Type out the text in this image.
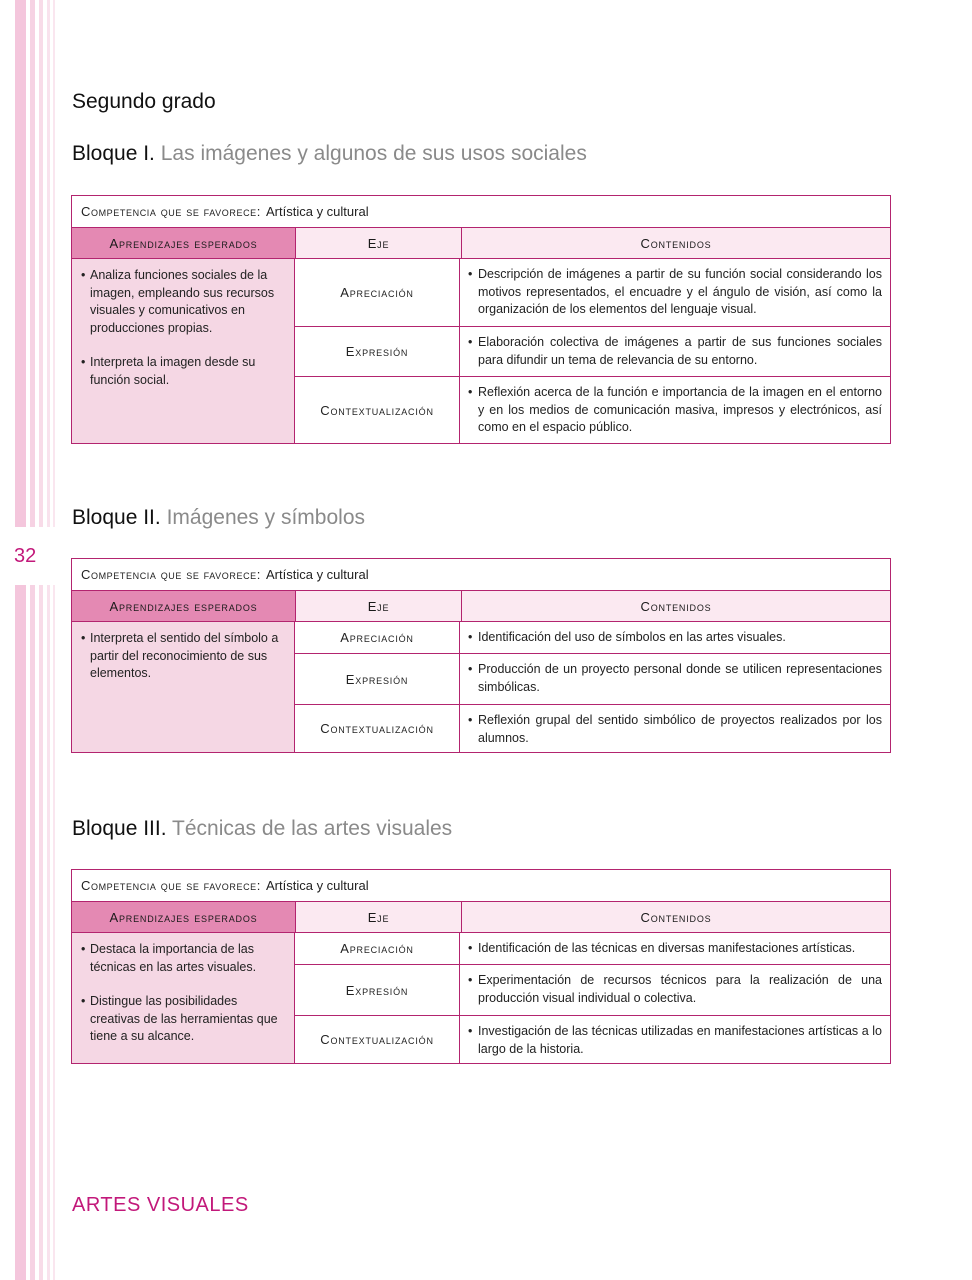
32
Segundo grado
Bloque I. Las imágenes y algunos de sus usos sociales
Competencia que se favorece: Artística y cultural
Aprendizajes esperados	Eje	Contenidos
• Analiza funciones sociales de la imagen, empleando sus recursos visuales y comunicativos en producciones propias.
• Interpreta la imagen desde su función social.
Apreciación
• Descripción de imágenes a partir de su función social considerando los motivos representados, el encuadre y el ángulo de visión, así como la organización de los elementos del lenguaje visual.
Expresión
• Elaboración colectiva de imágenes a partir de sus funciones sociales para difundir un tema de relevancia de su entorno.
Contextualización
• Reflexión acerca de la función e importancia de la imagen en el entorno y en los medios de comunicación masiva, impresos y electrónicos, así como en el espacio público.
Bloque II. Imágenes y símbolos
Competencia que se favorece: Artística y cultural
Aprendizajes esperados	Eje	Contenidos
• Interpreta el sentido del símbolo a partir del reconocimiento de sus elementos.
Apreciación	• Identificación del uso de símbolos en las artes visuales.
Expresión
• Producción de un proyecto personal donde se utilicen representaciones simbólicas.
Contextualización
• Reflexión grupal del sentido simbólico de proyectos realizados por los alumnos.
Bloque III. Técnicas de las artes visuales
Competencia que se favorece: Artística y cultural
Aprendizajes esperados	Eje	Contenidos
• Destaca la importancia de las técnicas en las artes visuales.
• Distingue las posibilidades creativas de las herramientas que tiene a su alcance.
Apreciación	• Identificación de las técnicas en diversas manifestaciones artísticas.
Expresión
• Experimentación de recursos técnicos para la realización de una producción visual individual o colectiva.
Contextualización
• Investigación de las técnicas utilizadas en manifestaciones artísticas a lo largo de la historia.
ARTES VISUALES
